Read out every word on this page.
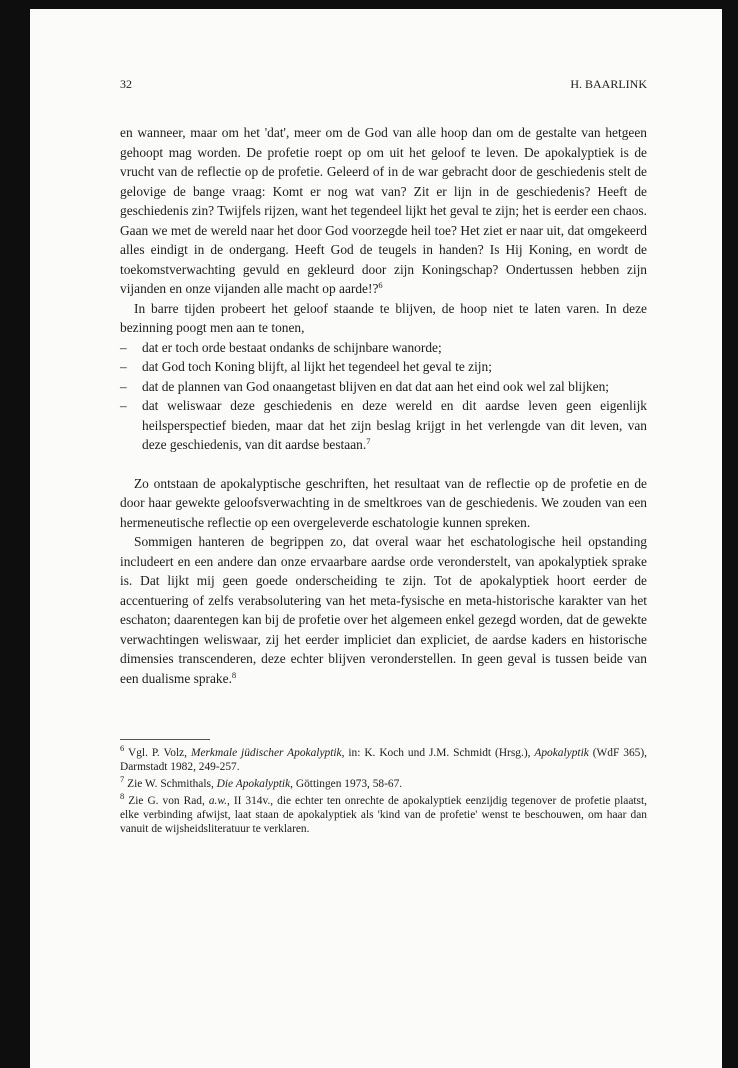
32	H. BAARLINK

en wanneer, maar om het 'dat', meer om de God van alle hoop dan om de gestalte van hetgeen gehoopt mag worden. De profetie roept op om uit het geloof te leven. De apokalyptiek is de vrucht van de reflectie op de profetie. Geleerd of in de war gebracht door de geschiedenis stelt de gelovige de bange vraag: Komt er nog wat van? Zit er lijn in de geschiedenis? Heeft de geschiedenis zin? Twijfels rijzen, want het tegendeel lijkt het geval te zijn; het is eerder een chaos. Gaan we met de wereld naar het door God voorzegde heil toe? Het ziet er naar uit, dat omgekeerd alles eindigt in de ondergang. Heeft God de teugels in handen? Is Hij Koning, en wordt de toekomstverwachting gevuld en gekleurd door zijn Koningschap? Ondertussen hebben zijn vijanden en onze vijanden alle macht op aarde!?$^6$

In barre tijden probeert het geloof staande te blijven, de hoop niet te laten varen. In deze bezinning poogt men aan te tonen,

– dat er toch orde bestaat ondanks de schijnbare wanorde;
– dat God toch Koning blijft, al lijkt het tegendeel het geval te zijn;
– dat de plannen van God onaangetast blijven en dat dat aan het eind ook wel zal blijken;
– dat weliswaar deze geschiedenis en deze wereld en dit aardse leven geen eigenlijk heilsperspectief bieden, maar dat het zijn beslag krijgt in het verlengde van dit leven, van deze geschiedenis, van dit aardse bestaan.$^7$

Zo ontstaan de apokalyptische geschriften, het resultaat van de reflectie op de profetie en de door haar gewekte geloofsverwachting in de smeltkroes van de geschiedenis. We zouden van een hermeneutische reflectie op een overgeleverde eschatologie kunnen spreken.

Sommigen hanteren de begrippen zo, dat overal waar het eschatologische heil opstanding includeert en een andere dan onze ervaarbare aardse orde veronderstelt, van apokalyptiek sprake is. Dat lijkt mij geen goede onderscheiding te zijn. Tot de apokalyptiek hoort eerder de accentuering of zelfs verabsolutering van het meta-fysische en meta-historische karakter van het eschaton; daarentegen kan bij de profetie over het algemeen enkel gezegd worden, dat de gewekte verwachtingen weliswaar, zij het eerder impliciet dan expliciet, de aardse kaders en historische dimensies transcenderen, deze echter blijven veronderstellen. In geen geval is tussen beide van een dualisme sprake.$^8$

$^6$ Vgl. P. Volz, Merkmale jüdischer Apokalyptik, in: K. Koch und J.M. Schmidt (Hrsg.), Apokalyptik (WdF 365), Darmstadt 1982, 249-257.

$^7$ Zie W. Schmithals, Die Apokalyptik, Göttingen 1973, 58-67.

$^8$ Zie G. von Rad, a.w., II 314v., die echter ten onrechte de apokalyptiek eenzijdig tegenover de profetie plaatst, elke verbinding afwijst, laat staan de apokalyptiek als 'kind van de profetie' wenst te beschouwen, om haar dan vanuit de wijsheidsliteratuur te verklaren.
